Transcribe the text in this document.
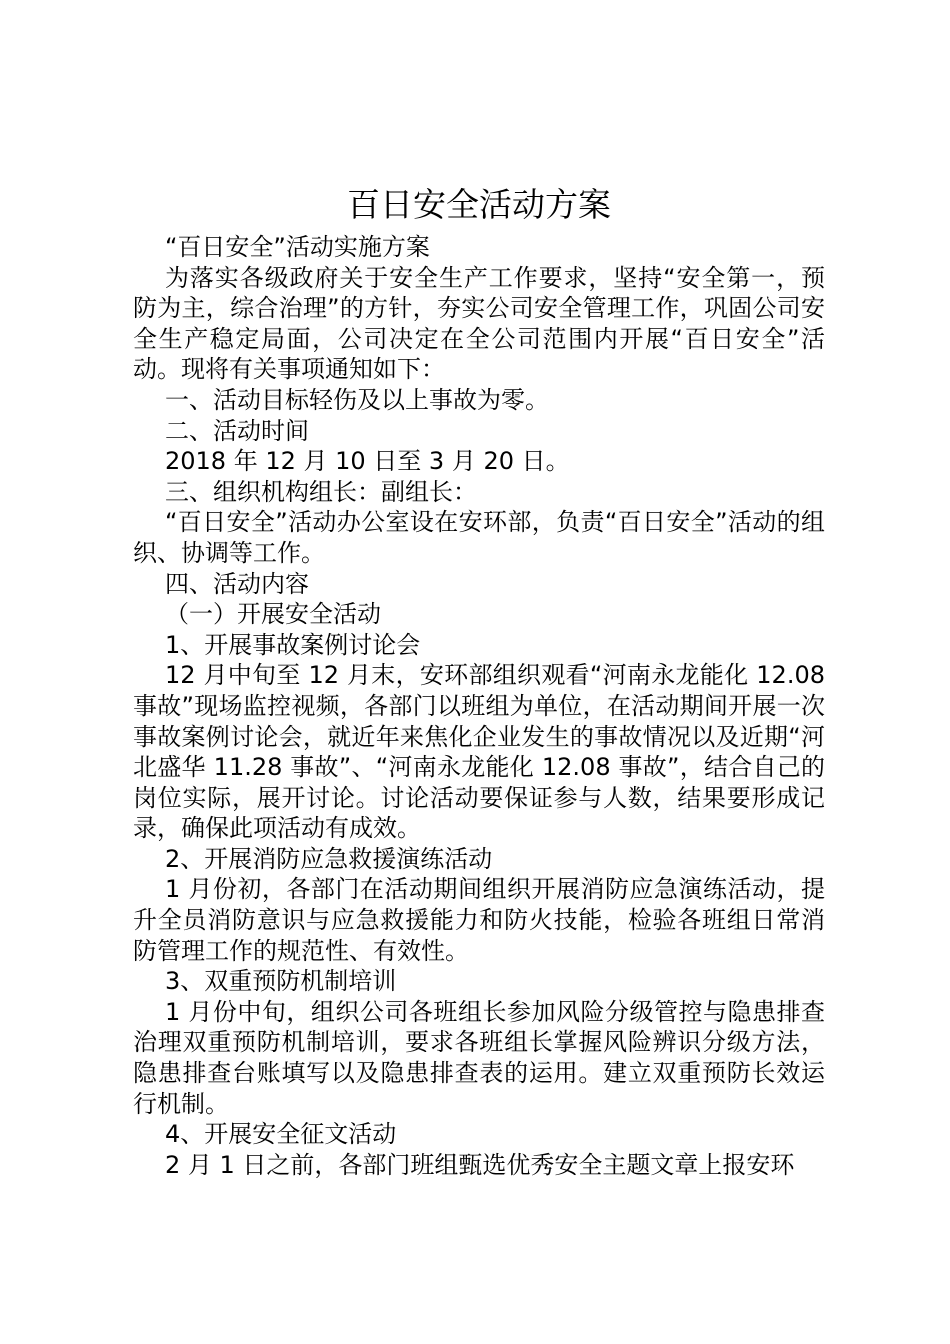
百日安全活动方案

“百日安全”活动实施方案

为落实各级政府关于安全生产工作要求，坚持“安全第一，预防为主，综合治理”的方针，夯实公司安全管理工作，巩固公司安全生产稳定局面，公司决定在全公司范围内开展“百日安全”活动。现将有关事项通知如下：

一、活动目标轻伤及以上事故为零。

二、活动时间

2018 年 12 月 10 日至 3 月 20 日。

三、组织机构组长：副组长：

“百日安全”活动办公室设在安环部，负责“百日安全”活动的组织、协调等工作。

四、活动内容

（一）开展安全活动

1、开展事故案例讨论会

12 月中旬至 12 月末，安环部组织观看“河南永龙能化 12.08 事故”现场监控视频，各部门以班组为单位，在活动期间开展一次事故案例讨论会，就近年来焦化企业发生的事故情况以及近期“河北盛华 11.28 事故”、“河南永龙能化 12.08 事故”，结合自己的岗位实际，展开讨论。讨论活动要保证参与人数，结果要形成记录，确保此项活动有成效。

2、开展消防应急救援演练活动

1 月份初，各部门在活动期间组织开展消防应急演练活动，提升全员消防意识与应急救援能力和防火技能，检验各班组日常消防管理工作的规范性、有效性。

3、双重预防机制培训

1 月份中旬，组织公司各班组长参加风险分级管控与隐患排查治理双重预防机制培训，要求各班组长掌握风险辨识分级方法，隐患排查台账填写以及隐患排查表的运用。建立双重预防长效运行机制。

4、开展安全征文活动

2 月 1 日之前，各部门班组甄选优秀安全主题文章上报安环
